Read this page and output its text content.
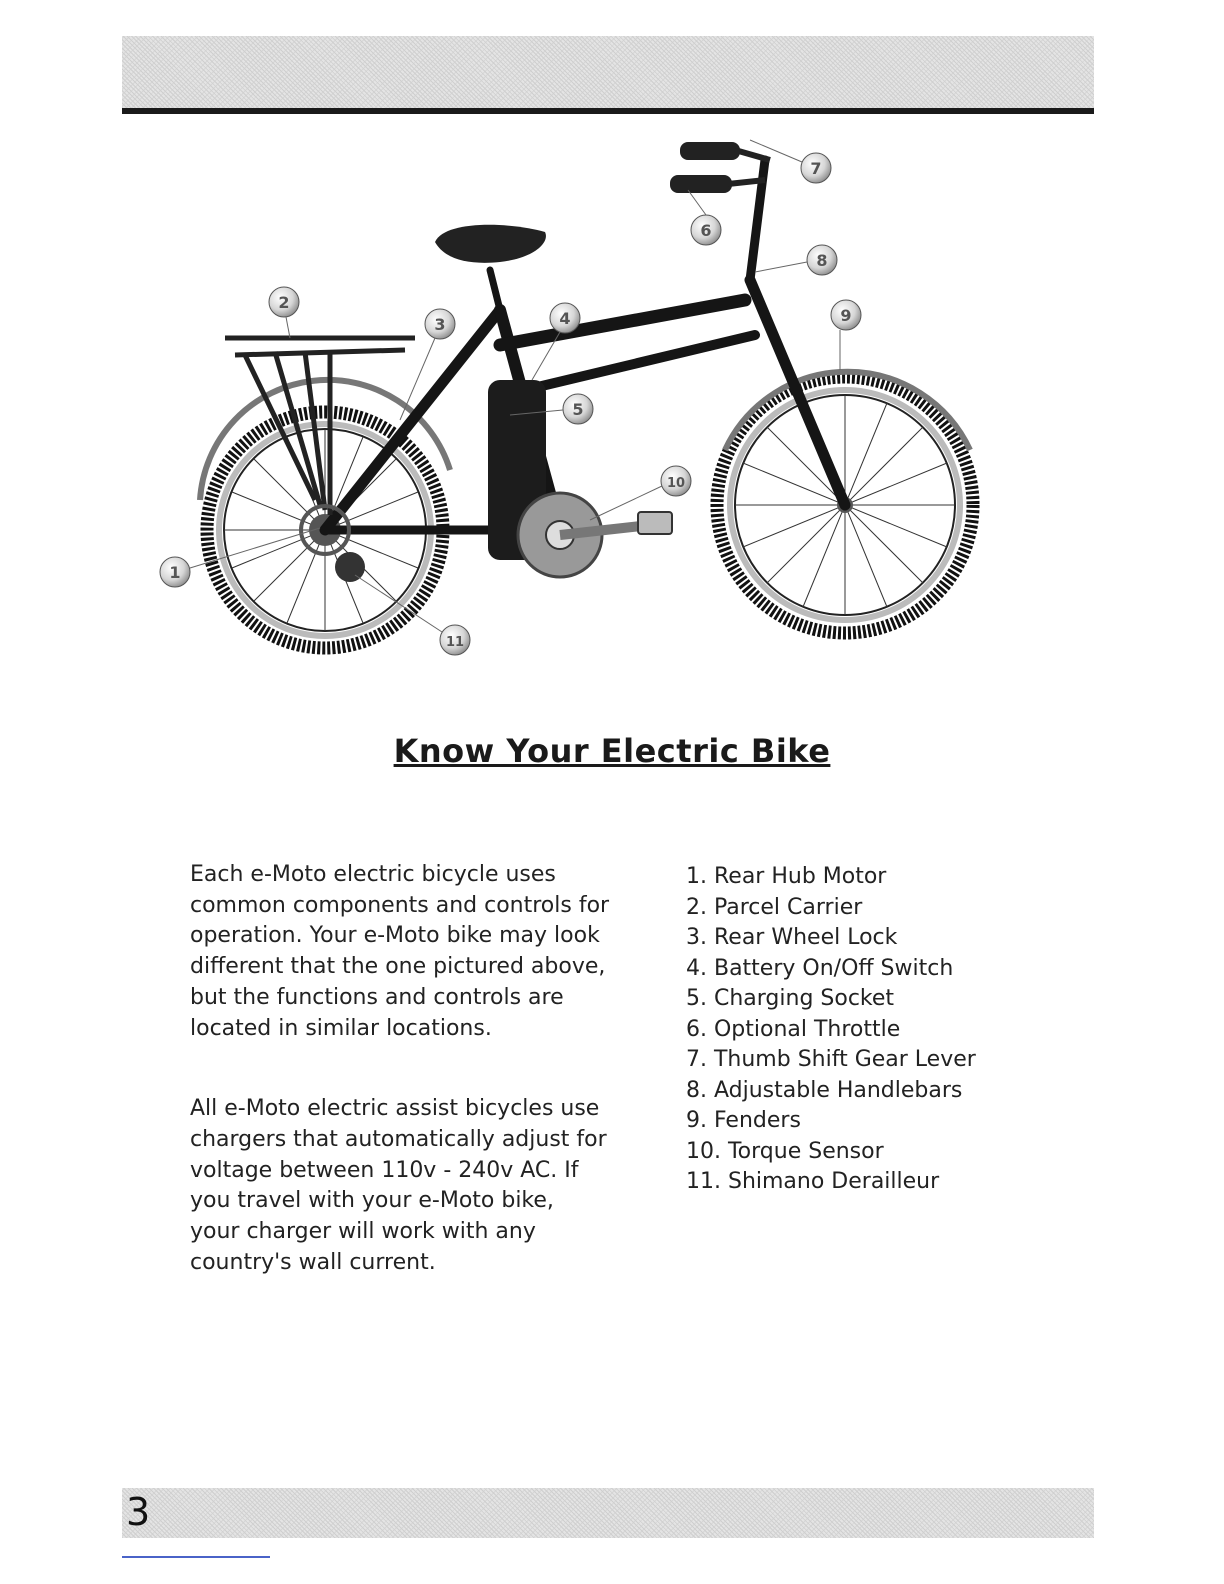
1
2
3	4
5
6
7
8
9
10
11
Know Your Electric Bike

Each e-Moto electric bicycle uses common components and controls for operation. Your e-Moto bike may look different that the one pictured above, but the functions and controls are located in similar locations.

All e-Moto electric assist bicycles use chargers that automatically adjust for voltage between 110v - 240v AC. If you travel with your e-Moto bike, your charger will work with any country's wall current.

1. Rear Hub Motor
2. Parcel Carrier
3. Rear Wheel Lock
4. Battery On/Off Switch
5. Charging Socket
6. Optional Throttle
7. Thumb Shift Gear Lever
8. Adjustable Handlebars
9. Fenders
10. Torque Sensor
11. Shimano Derailleur
3
